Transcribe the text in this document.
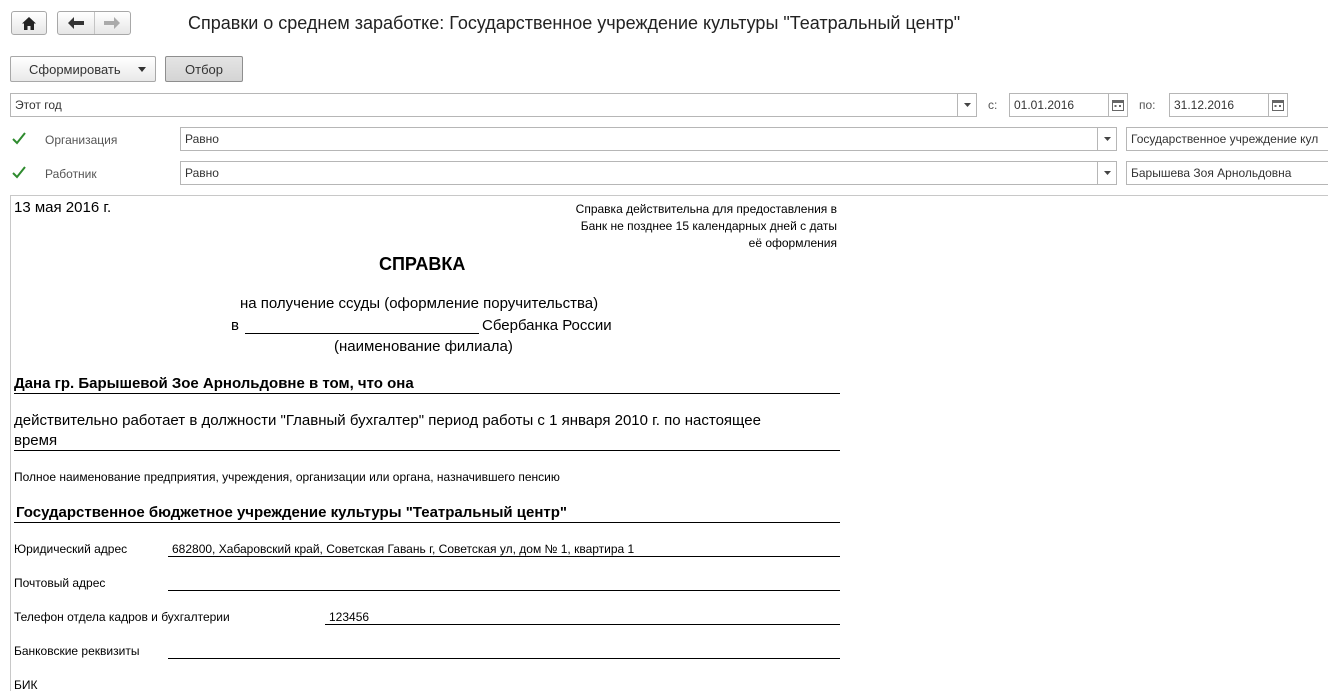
Справки о среднем заработке: Государственное учреждение культуры "Театральный центр"
Сформировать	Отбор
Этот год	с:	01.01.2016	по:	31.12.2016
Организация	Равно	Государственное учреждение кул
Работник	Равно	Барышева Зоя Арнольдовна
13 мая 2016 г.	Справка действительна для предоставления в
Банк не позднее 15 календарных дней с даты
её оформления
СПРАВКА
на получение ссуды (оформление поручительства)
в	Сбербанка России
(наименование филиала)
Дана гр. Барышевой Зое Арнольдовне в том, что она
действительно работает в должности "Главный бухгалтер" период работы с 1 января 2010 г. по настоящее
время
Полное наименование предприятия, учреждения, организации или органа, назначившего пенсию
Государственное бюджетное учреждение культуры "Театральный центр"
Юридический адрес	682800, Хабаровский край, Советская Гавань г, Советская ул, дом № 1, квартира 1
Почтовый адрес
Телефон отдела кадров и бухгалтерии	123456
Банковские реквизиты
БИК
